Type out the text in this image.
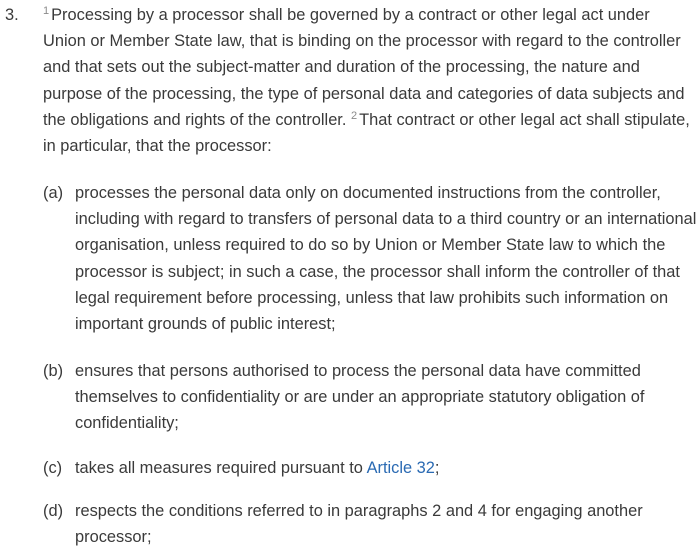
3. $^1$ Processing by a processor shall be governed by a contract or other legal act under Union or Member State law, that is binding on the processor with regard to the controller and that sets out the subject-matter and duration of the processing, the nature and purpose of the processing, the type of personal data and categories of data subjects and the obligations and rights of the controller. $^2$ That contract or other legal act shall stipulate, in particular, that the processor:
(a) processes the personal data only on documented instructions from the controller, including with regard to transfers of personal data to a third country or an international organisation, unless required to do so by Union or Member State law to which the processor is subject; in such a case, the processor shall inform the controller of that legal requirement before processing, unless that law prohibits such information on important grounds of public interest;
(b) ensures that persons authorised to process the personal data have committed themselves to confidentiality or are under an appropriate statutory obligation of confidentiality;
(c) takes all measures required pursuant to Article 32;
(d) respects the conditions referred to in paragraphs 2 and 4 for engaging another processor;
